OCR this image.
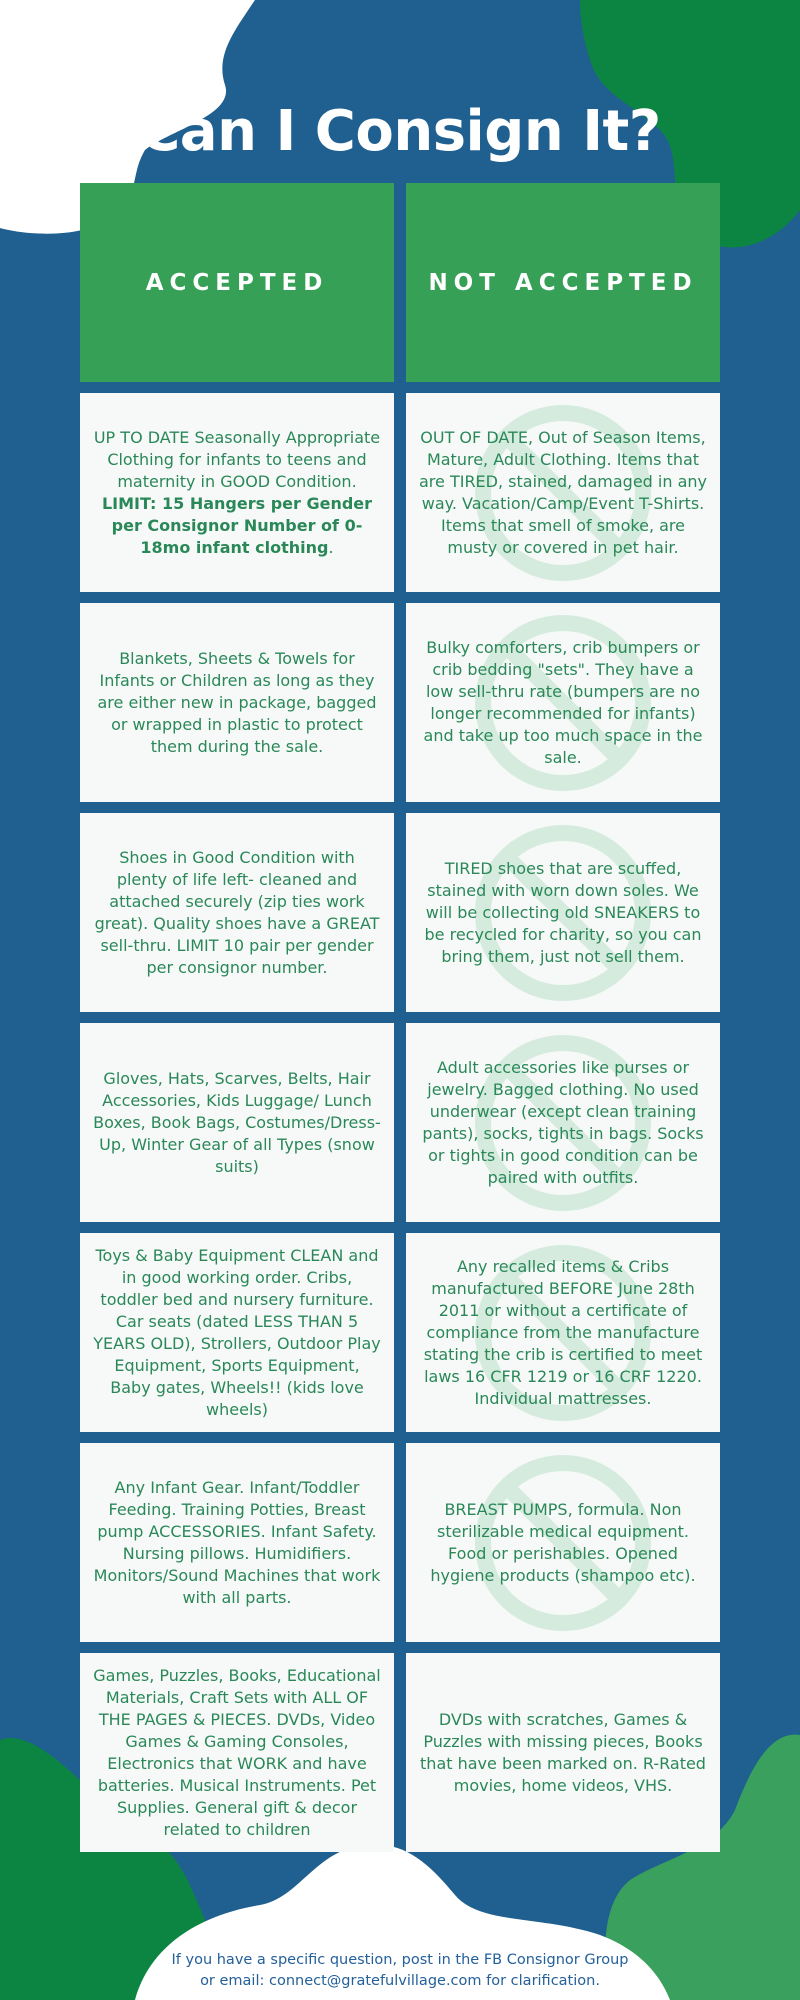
Can I Consign It?
ACCEPTED	NOT ACCEPTED
UP TO DATE Seasonally Appropriate Clothing for infants to teens and maternity in GOOD Condition.
LIMIT: 15 Hangers per Gender per Consignor Number of 0-18mo infant clothing.
OUT OF DATE, Out of Season Items, Mature, Adult Clothing. Items that are TIRED, stained, damaged in any way. Vacation/Camp/Event T-Shirts. Items that smell of smoke, are musty or covered in pet hair.
Blankets, Sheets & Towels for Infants or Children as long as they are either new in package, bagged or wrapped in plastic to protect them during the sale.
Bulky comforters, crib bumpers or crib bedding "sets". They have a low sell-thru rate (bumpers are no longer recommended for infants) and take up too much space in the sale.
Shoes in Good Condition with plenty of life left- cleaned and attached securely (zip ties work great). Quality shoes have a GREAT sell-thru. LIMIT 10 pair per gender per consignor number.
TIRED shoes that are scuffed, stained with worn down soles. We will be collecting old SNEAKERS to be recycled for charity, so you can bring them, just not sell them.
Gloves, Hats, Scarves, Belts, Hair Accessories, Kids Luggage/ Lunch Boxes, Book Bags, Costumes/Dress-Up, Winter Gear of all Types (snow suits)
Adult accessories like purses or jewelry. Bagged clothing. No used underwear (except clean training pants), socks, tights in bags. Socks or tights in good condition can be paired with outfits.
Toys & Baby Equipment CLEAN and in good working order. Cribs, toddler bed and nursery furniture. Car seats (dated LESS THAN 5 YEARS OLD), Strollers, Outdoor Play Equipment, Sports Equipment, Baby gates, Wheels!! (kids love wheels)
Any recalled items & Cribs manufactured BEFORE June 28th 2011 or without a certificate of compliance from the manufacture stating the crib is certified to meet laws 16 CFR 1219 or 16 CRF 1220. Individual mattresses.
Any Infant Gear. Infant/Toddler Feeding. Training Potties, Breast pump ACCESSORIES. Infant Safety. Nursing pillows. Humidifiers. Monitors/Sound Machines that work with all parts.
BREAST PUMPS, formula. Non sterilizable medical equipment. Food or perishables. Opened hygiene products (shampoo etc).
Games, Puzzles, Books, Educational Materials, Craft Sets with ALL OF THE PAGES & PIECES. DVDs, Video Games & Gaming Consoles, Electronics that WORK and have batteries. Musical Instruments. Pet Supplies. General gift & decor related to children
DVDs with scratches, Games & Puzzles with missing pieces, Books that have been marked on. R-Rated movies, home videos, VHS.
If you have a specific question, post in the FB Consignor Group
or email: connect@gratefulvillage.com for clarification.
